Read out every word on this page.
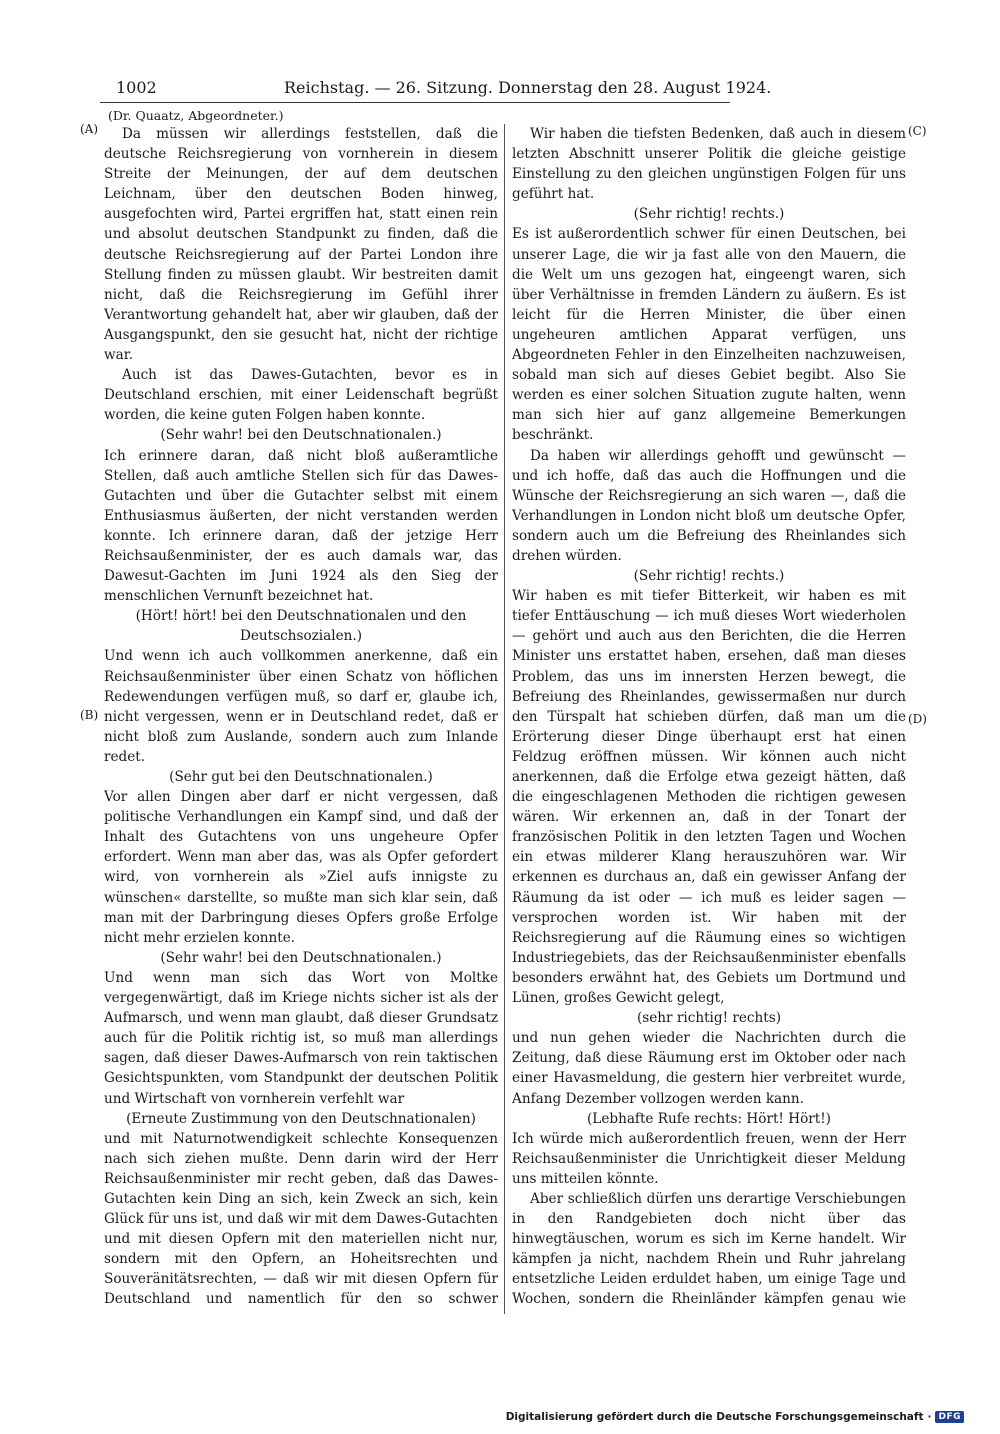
1002	Reichstag. — 26. Sitzung. Donnerstag den 28. August 1924.
(Dr. Quaatz, Abgeordneter.)
(A)
(B)
(C)
(D)

Da müssen wir allerdings feststellen, daß die deutsche Reichsregierung von vornherein in diesem Streite der Meinungen, der auf dem deutschen Leichnam, über den deutschen Boden hinweg, ausgefochten wird, Partei ergriffen hat, statt einen rein und absolut deutschen Standpunkt zu finden, daß die deutsche Reichsregierung auf der Partei London ihre Stellung finden zu müssen glaubt. Wir bestreiten damit nicht, daß die Reichsregierung im Gefühl ihrer Verantwortung gehandelt hat, aber wir glauben, daß der Ausgangspunkt, den sie gesucht hat, nicht der richtige war.

Auch ist das Dawes-Gutachten, bevor es in Deutschland erschien, mit einer Leidenschaft begrüßt worden, die keine guten Folgen haben konnte.

(Sehr wahr! bei den Deutschnationalen.)

Ich erinnere daran, daß nicht bloß außeramtliche Stellen, daß auch amtliche Stellen sich für das Dawes-Gutachten und über die Gutachter selbst mit einem Enthusiasmus äußerten, der nicht verstanden werden konnte. Ich erinnere daran, daß der jetzige Herr Reichsaußenminister, der es auch damals war, das Dawesut-Gachten im Juni 1924 als den Sieg der menschlichen Vernunft bezeichnet hat.

(Hört! hört! bei den Deutschnationalen und den Deutschsozialen.)

Und wenn ich auch vollkommen anerkenne, daß ein Reichsaußenminister über einen Schatz von höflichen Redewendungen verfügen muß, so darf er, glaube ich, nicht vergessen, wenn er in Deutschland redet, daß er nicht bloß zum Auslande, sondern auch zum Inlande redet.

(Sehr gut bei den Deutschnationalen.)

Vor allen Dingen aber darf er nicht vergessen, daß politische Verhandlungen ein Kampf sind, und daß der Inhalt des Gutachtens von uns ungeheure Opfer erfordert. Wenn man aber das, was als Opfer gefordert wird, von vornherein als »Ziel aufs innigste zu wünschen« darstellte, so mußte man sich klar sein, daß man mit der Darbringung dieses Opfers große Erfolge nicht mehr erzielen konnte.

(Sehr wahr! bei den Deutschnationalen.)

Und wenn man sich das Wort von Moltke vergegenwärtigt, daß im Kriege nichts sicher ist als der Aufmarsch, und wenn man glaubt, daß dieser Grundsatz auch für die Politik richtig ist, so muß man allerdings sagen, daß dieser Dawes-Aufmarsch von rein taktischen Gesichtspunkten, vom Standpunkt der deutschen Politik und Wirtschaft von vornherein verfehlt war

(Erneute Zustimmung von den Deutschnationalen)

und mit Naturnotwendigkeit schlechte Konsequenzen nach sich ziehen mußte. Denn darin wird der Herr Reichsaußenminister mir recht geben, daß das Dawes-Gutachten kein Ding an sich, kein Zweck an sich, kein Glück für uns ist, und daß wir mit dem Dawes-Gutachten und mit diesen Opfern mit den materiellen nicht nur, sondern mit den Opfern, an Hoheitsrechten und Souveränitätsrechten, — daß wir mit diesen Opfern für Deutschland und namentlich für den so schwer

Wir haben die tiefsten Bedenken, daß auch in diesem letzten Abschnitt unserer Politik die gleiche geistige Einstellung zu den gleichen ungünstigen Folgen für uns geführt hat.

(Sehr richtig! rechts.)

Es ist außerordentlich schwer für einen Deutschen, bei unserer Lage, die wir ja fast alle von den Mauern, die die Welt um uns gezogen hat, eingeengt waren, sich über Verhältnisse in fremden Ländern zu äußern. Es ist leicht für die Herren Minister, die über einen ungeheuren amtlichen Apparat verfügen, uns Abgeordneten Fehler in den Einzelheiten nachzuweisen, sobald man sich auf dieses Gebiet begibt. Also Sie werden es einer solchen Situation zugute halten, wenn man sich hier auf ganz allgemeine Bemerkungen beschränkt.

Da haben wir allerdings gehofft und gewünscht — und ich hoffe, daß das auch die Hoffnungen und die Wünsche der Reichsregierung an sich waren —, daß die Verhandlungen in London nicht bloß um deutsche Opfer, sondern auch um die Befreiung des Rheinlandes sich drehen würden.

(Sehr richtig! rechts.)

Wir haben es mit tiefer Bitterkeit, wir haben es mit tiefer Enttäuschung — ich muß dieses Wort wiederholen — gehört und auch aus den Berichten, die die Herren Minister uns erstattet haben, ersehen, daß man dieses Problem, das uns im innersten Herzen bewegt, die Befreiung des Rheinlandes, gewissermaßen nur durch den Türspalt hat schieben dürfen, daß man um die Erörterung dieser Dinge überhaupt erst hat einen Feldzug eröffnen müssen. Wir können auch nicht anerkennen, daß die Erfolge etwa gezeigt hätten, daß die eingeschlagenen Methoden die richtigen gewesen wären. Wir erkennen an, daß in der Tonart der französischen Politik in den letzten Tagen und Wochen ein etwas milderer Klang herauszuhören war. Wir erkennen es durchaus an, daß ein gewisser Anfang der Räumung da ist oder — ich muß es leider sagen — versprochen worden ist. Wir haben mit der Reichsregierung auf die Räumung eines so wichtigen Industriegebiets, das der Reichsaußenminister ebenfalls besonders erwähnt hat, des Gebiets um Dortmund und Lünen, großes Gewicht gelegt,

(sehr richtig! rechts)

und nun gehen wieder die Nachrichten durch die Zeitung, daß diese Räumung erst im Oktober oder nach einer Havasmeldung, die gestern hier verbreitet wurde, Anfang Dezember vollzogen werden kann.

(Lebhafte Rufe rechts: Hört! Hört!)

Ich würde mich außerordentlich freuen, wenn der Herr Reichsaußenminister die Unrichtigkeit dieser Meldung uns mitteilen könnte.

Aber schließlich dürfen uns derartige Verschiebungen in den Randgebieten doch nicht über das hinwegtäuschen, worum es sich im Kerne handelt. Wir kämpfen ja nicht, nachdem Rhein und Ruhr jahrelang entsetzliche Leiden erduldet haben, um einige Tage und Wochen, sondern die Rheinländer kämpfen genau wie

Digitalisierung gefördert durch die Deutsche Forschungsgemeinschaft · DFG
